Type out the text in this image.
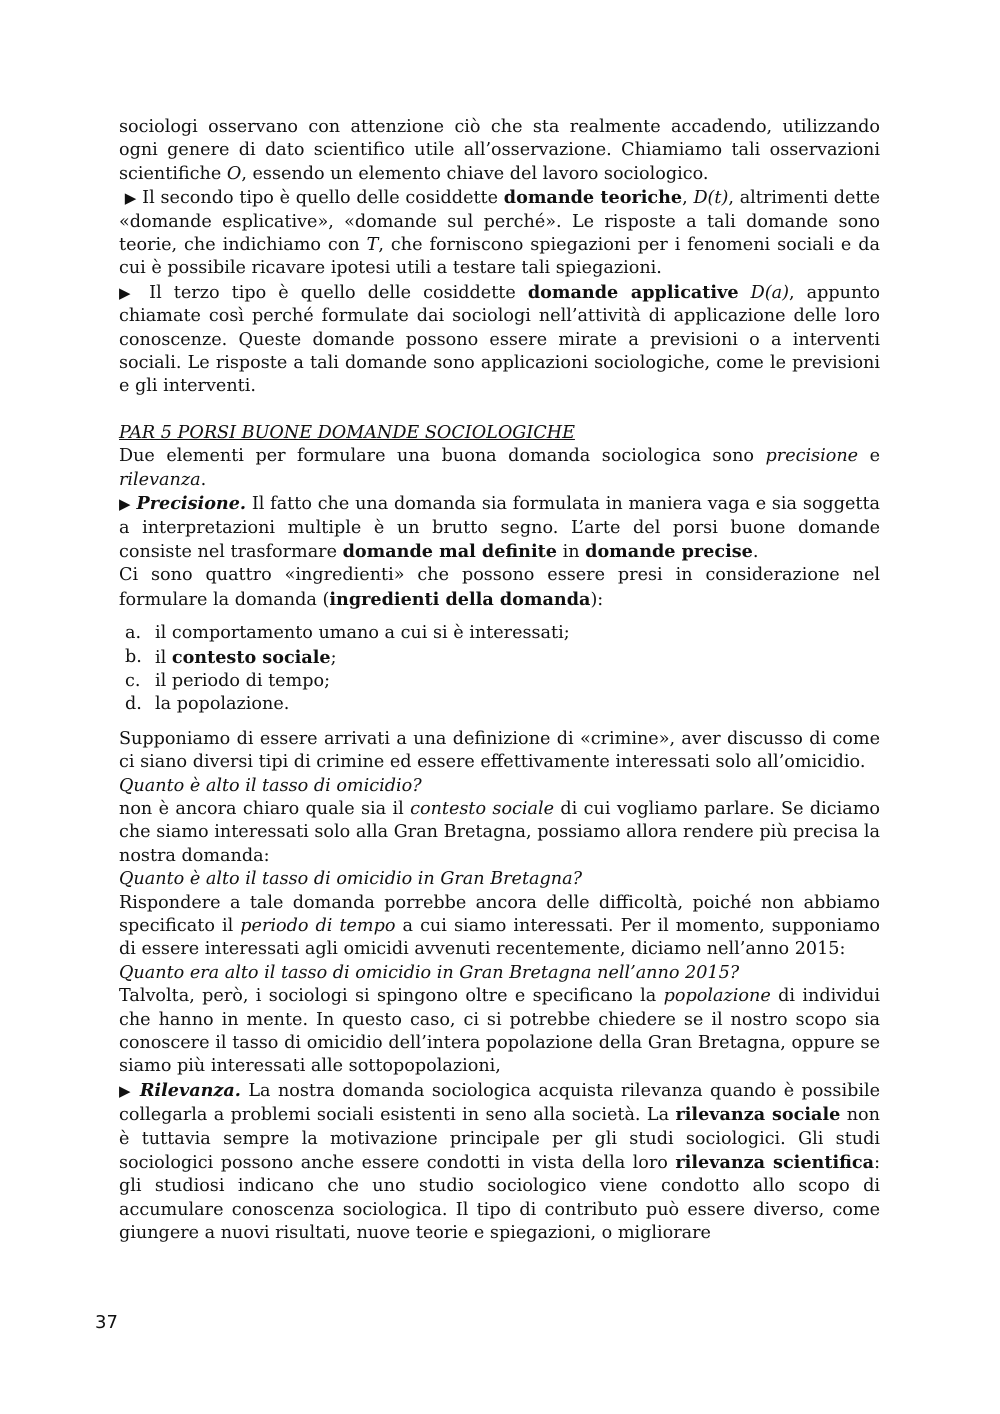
sociologi osservano con attenzione ciò che sta realmente accadendo, utilizzando ogni genere di dato scientifico utile all’osservazione. Chiamiamo tali osservazioni scientifiche O, essendo un elemento chiave del lavoro sociologico.

▶ Il secondo tipo è quello delle cosiddette domande teoriche, D(t), altrimenti dette «domande esplicative», «domande sul perché». Le risposte a tali domande sono teorie, che indichiamo con T, che forniscono spiegazioni per i fenomeni sociali e da cui è possibile ricavare ipotesi utili a testare tali spiegazioni.

▶ Il terzo tipo è quello delle cosiddette domande applicative D(a), appunto chiamate così perché formulate dai sociologi nell’attività di applicazione delle loro conoscenze. Queste domande possono essere mirate a previsioni o a interventi sociali. Le risposte a tali domande sono applicazioni sociologiche, come le previsioni e gli interventi.

PAR 5 PORSI BUONE DOMANDE SOCIOLOGICHE

Due elementi per formulare una buona domanda sociologica sono precisione e rilevanza.

▶ Precisione. Il fatto che una domanda sia formulata in maniera vaga e sia soggetta a interpretazioni multiple è un brutto segno. L’arte del porsi buone domande consiste nel trasformare domande mal definite in domande precise.

Ci sono quattro «ingredienti» che possono essere presi in considerazione nel formulare la domanda (ingredienti della domanda):

a. il comportamento umano a cui si è interessati;
b. il contesto sociale;
c. il periodo di tempo;
d. la popolazione.

Supponiamo di essere arrivati a una definizione di «crimine», aver discusso di come ci siano diversi tipi di crimine ed essere effettivamente interessati solo all’omicidio.

Quanto è alto il tasso di omicidio?

non è ancora chiaro quale sia il contesto sociale di cui vogliamo parlare. Se diciamo che siamo interessati solo alla Gran Bretagna, possiamo allora rendere più precisa la nostra domanda:

Quanto è alto il tasso di omicidio in Gran Bretagna?

Rispondere a tale domanda porrebbe ancora delle difficoltà, poiché non abbiamo specificato il periodo di tempo a cui siamo interessati. Per il momento, supponiamo di essere interessati agli omicidi avvenuti recentemente, diciamo nell’anno 2015:

Quanto era alto il tasso di omicidio in Gran Bretagna nell’anno 2015?

Talvolta, però, i sociologi si spingono oltre e specificano la popolazione di individui che hanno in mente. In questo caso, ci si potrebbe chiedere se il nostro scopo sia conoscere il tasso di omicidio dell’intera popolazione della Gran Bretagna, oppure se siamo più interessati alle sottopopolazioni,

▶ Rilevanza. La nostra domanda sociologica acquista rilevanza quando è possibile collegarla a problemi sociali esistenti in seno alla società. La rilevanza sociale non è tuttavia sempre la motivazione principale per gli studi sociologici. Gli studi sociologici possono anche essere condotti in vista della loro rilevanza scientifica: gli studiosi indicano che uno studio sociologico viene condotto allo scopo di accumulare conoscenza sociologica. Il tipo di contributo può essere diverso, come giungere a nuovi risultati, nuove teorie e spiegazioni, o migliorare

37
